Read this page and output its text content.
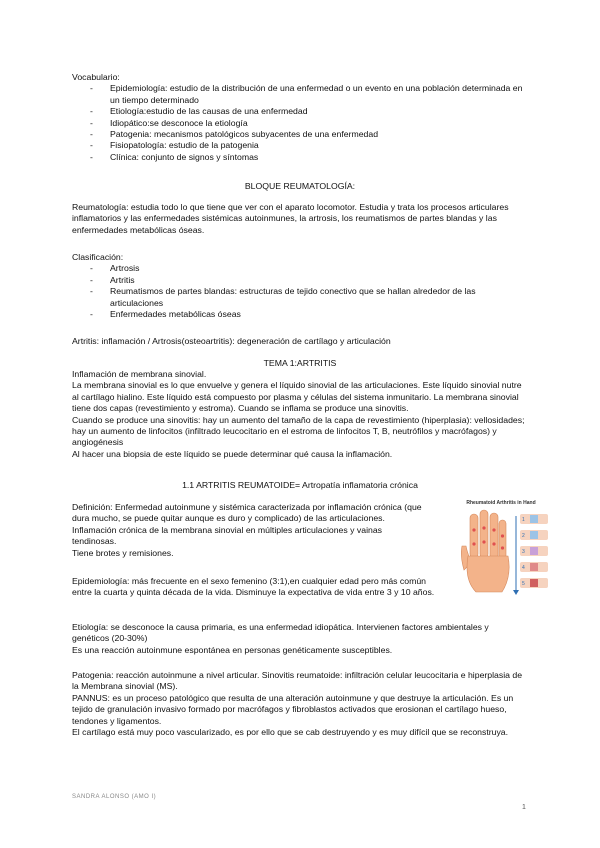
Vocabulario:

- Epidemiología: estudio de la distribución de una enfermedad o un evento en una población determinada en un tiempo determinado
- Etiología:estudio de las causas de una enfermedad
- Idiopático:se desconoce la etiología
- Patogenia: mecanismos patológicos subyacentes de una enfermedad
- Fisiopatología: estudio de la patogenia
- Clínica: conjunto de signos y síntomas

BLOQUE REUMATOLOGÍA:

Reumatología: estudia todo lo que tiene que ver con el aparato locomotor. Estudia y trata los procesos articulares inflamatorios y las enfermedades sistémicas autoinmunes, la artrosis, los reumatismos de partes blandas y las enfermedades metabólicas óseas.

Clasificación:

- Artrosis
- Artritis
- Reumatismos de partes blandas: estructuras de tejido conectivo que se hallan alrededor de las articulaciones
- Enfermedades metabólicas óseas

Artritis: inflamación / Artrosis(osteoartritis): degeneración de cartílago y articulación

TEMA 1:ARTRITIS

Inflamación de membrana sinovial.

La membrana sinovial es lo que envuelve y genera el líquido sinovial de las articulaciones. Este líquido sinovial nutre al cartílago hialino. Este líquido está compuesto por plasma y células del sistema inmunitario. La membrana sinovial tiene dos capas (revestimiento y estroma). Cuando se inflama se produce una sinovitis.

Cuando se produce una sinovitis: hay un aumento del tamaño de la capa de revestimiento (hiperplasia): vellosidades; hay un aumento de linfocitos (infiltrado leucocitario en el estroma de linfocitos T, B, neutrófilos y macrófagos) y angiogénesis

Al hacer una biopsia de este líquido se puede determinar qué causa la inflamación.

1.1 ARTRITIS REUMATOIDE= Artropatía inflamatoria crónica

Definición: Enfermedad autoinmune y sistémica caracterizada por inflamación crónica (que dura mucho, se puede quitar aunque es duro y complicado) de las articulaciones.

Inflamación crónica de la membrana sinovial en múltiples articulaciones y vainas tendinosas.

Tiene brotes y remisiones.

Epidemiología: más frecuente en el sexo femenino (3:1),en cualquier edad pero más común entre la cuarta y quinta década de la vida. Disminuye la expectativa de vida entre 3 y 10 años.

Etiología: se desconoce la causa primaria, es una enfermedad idiopática. Intervienen factores ambientales y genéticos (20-30%)

Es una reacción autoinmune espontánea en personas genéticamente susceptibles.

Patogenia: reacción autoinmune a nivel articular. Sinovitis reumatoide: infiltración celular leucocitaria e hiperplasia de la Membrana sinovial (MS).

PANNUS: es un proceso patológico que resulta de una alteración autoinmune y que destruye la articulación. Es un tejido de granulación invasivo formado por macrófagos y fibroblastos activados que erosionan el cartílago hueso, tendones y ligamentos.

El cartílago está muy poco vascularizado, es por ello que se cab destruyendo y es muy difícil que se reconstruya.

Rheumatoid Arthritis in Hand
1
2
3
4
5
SANDRA ALONSO (AMO I)
1
